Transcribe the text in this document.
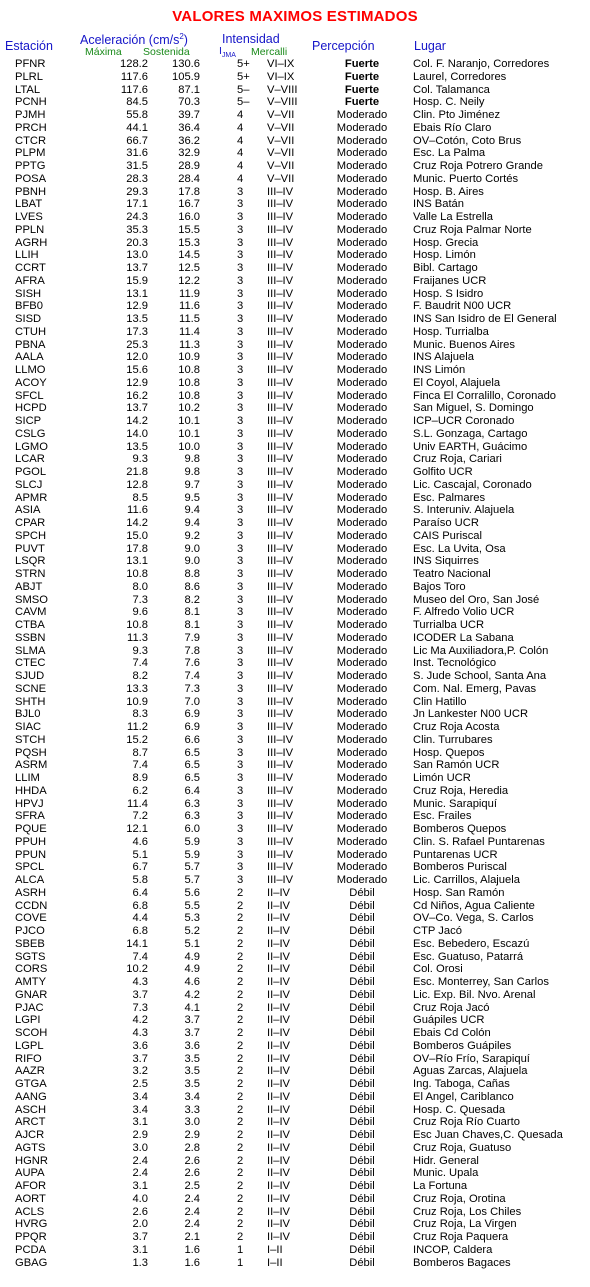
VALORES MAXIMOS ESTIMADOS
Estación Aceleración $(cm/s^2)$
Máxima Sostenida
Intensidad
$I_{JMA}$ Mercalli Percepción	Lugar
PFNR	128.2	130.6	5+	VI–IX	Fuerte	Col. F. Naranjo, Corredores
PLRL	117.6	105.9	5+	VI–IX	Fuerte	Laurel, Corredores
LTAL	117.6	87.1	5–	V–VIII	Fuerte	Col. Talamanca
PCNH	84.5	70.3	5–	V–VIII	Fuerte	Hosp. C. Neily
PJMH	55.8	39.7	4	V–VII	Moderado	Clin. Pto Jiménez
PRCH	44.1	36.4	4	V–VII	Moderado	Ebais Río Claro
CTCR	66.7	36.2	4	V–VII	Moderado	OV–Cotón, Coto Brus
PLPM	31.6	32.9	4	V–VII	Moderado	Esc. La Palma
PPTG	31.5	28.9	4	V–VII	Moderado	Cruz Roja Potrero Grande
POSA	28.3	28.4	4	V–VII	Moderado	Munic. Puerto Cortés
PBNH	29.3	17.8	3	III–IV	Moderado	Hosp. B. Aires
LBAT	17.1	16.7	3	III–IV	Moderado	INS Batán
LVES	24.3	16.0	3	III–IV	Moderado	Valle La Estrella
PPLN	35.3	15.5	3	III–IV	Moderado	Cruz Roja Palmar Norte
AGRH	20.3	15.3	3	III–IV	Moderado	Hosp. Grecia
LLIH	13.0	14.5	3	III–IV	Moderado	Hosp. Limón
CCRT	13.7	12.5	3	III–IV	Moderado	Bibl. Cartago
AFRA	15.9	12.2	3	III–IV	Moderado	Fraijanes UCR
SISH	13.1	11.9	3	III–IV	Moderado	Hosp. S Isidro
BFB0	12.9	11.6	3	III–IV	Moderado	F. Baudrit N00 UCR
SISD	13.5	11.5	3	III–IV	Moderado	INS San Isidro de El General
CTUH	17.3	11.4	3	III–IV	Moderado	Hosp. Turrialba
PBNA	25.3	11.3	3	III–IV	Moderado	Munic. Buenos Aires
AALA	12.0	10.9	3	III–IV	Moderado	INS Alajuela
LLMO	15.6	10.8	3	III–IV	Moderado	INS Limón
ACOY	12.9	10.8	3	III–IV	Moderado	El Coyol, Alajuela
SFCL	16.2	10.8	3	III–IV	Moderado	Finca El Corralillo, Coronado
HCPD	13.7	10.2	3	III–IV	Moderado	San Miguel, S. Domingo
SICP	14.2	10.1	3	III–IV	Moderado	ICP–UCR Coronado
CSLG	14.0	10.1	3	III–IV	Moderado	S.L. Gonzaga, Cartago
LGMO	13.5	10.0	3	III–IV	Moderado	Univ EARTH, Guácimo
LCAR	9.3	9.8	3	III–IV	Moderado	Cruz Roja, Cariari
PGOL	21.8	9.8	3	III–IV	Moderado	Golfito UCR
SLCJ	12.8	9.7	3	III–IV	Moderado	Lic. Cascajal, Coronado
APMR	8.5	9.5	3	III–IV	Moderado	Esc. Palmares
ASIA	11.6	9.4	3	III–IV	Moderado	S. Interuniv. Alajuela
CPAR	14.2	9.4	3	III–IV	Moderado	Paraíso UCR
SPCH	15.0	9.2	3	III–IV	Moderado	CAIS Puriscal
PUVT	17.8	9.0	3	III–IV	Moderado	Esc. La Uvita, Osa
LSQR	13.1	9.0	3	III–IV	Moderado	INS Siquirres
STRN	10.8	8.8	3	III–IV	Moderado	Teatro Nacional
ABJT	8.0	8.6	3	III–IV	Moderado	Bajos Toro
SMSO	7.3	8.2	3	III–IV	Moderado	Museo del Oro, San José
CAVM	9.6	8.1	3	III–IV	Moderado	F. Alfredo Volio UCR
CTBA	10.8	8.1	3	III–IV	Moderado	Turrialba UCR
SSBN	11.3	7.9	3	III–IV	Moderado	ICODER La Sabana
SLMA	9.3	7.8	3	III–IV	Moderado	Lic Ma Auxiliadora,P. Colón
CTEC	7.4	7.6	3	III–IV	Moderado	Inst. Tecnológico
SJUD	8.2	7.4	3	III–IV	Moderado	S. Jude School, Santa Ana
SCNE	13.3	7.3	3	III–IV	Moderado	Com. Nal. Emerg, Pavas
SHTH	10.9	7.0	3	III–IV	Moderado	Clin Hatillo
BJL0	8.3	6.9	3	III–IV	Moderado	Jn Lankester N00 UCR
SIAC	11.2	6.9	3	III–IV	Moderado	Cruz Roja Acosta
STCH	15.2	6.6	3	III–IV	Moderado	Clin. Turrubares
PQSH	8.7	6.5	3	III–IV	Moderado	Hosp. Quepos
ASRM	7.4	6.5	3	III–IV	Moderado	San Ramón UCR
LLIM	8.9	6.5	3	III–IV	Moderado	Limón UCR
HHDA	6.2	6.4	3	III–IV	Moderado	Cruz Roja, Heredia
HPVJ	11.4	6.3	3	III–IV	Moderado	Munic. Sarapiquí
SFRA	7.2	6.3	3	III–IV	Moderado	Esc. Frailes
PQUE	12.1	6.0	3	III–IV	Moderado	Bomberos Quepos
PPUH	4.6	5.9	3	III–IV	Moderado	Clin. S. Rafael Puntarenas
PPUN	5.1	5.9	3	III–IV	Moderado	Puntarenas UCR
SPCL	6.7	5.7	3	III–IV	Moderado	Bomberos Puriscal
ALCA	5.8	5.7	3	III–IV	Moderado	Lic. Carrillos, Alajuela
ASRH	6.4	5.6	2	II–IV	Débil	Hosp. San Ramón
CCDN	6.8	5.5	2	II–IV	Débil	Cd Niños, Agua Caliente
COVE	4.4	5.3	2	II–IV	Débil	OV–Co. Vega, S. Carlos
PJCO	6.8	5.2	2	II–IV	Débil	CTP Jacó
SBEB	14.1	5.1	2	II–IV	Débil	Esc. Bebedero, Escazú
SGTS	7.4	4.9	2	II–IV	Débil	Esc. Guatuso, Patarrá
CORS	10.2	4.9	2	II–IV	Débil	Col. Orosi
AMTY	4.3	4.6	2	II–IV	Débil	Esc. Monterrey, San Carlos
GNAR	3.7	4.2	2	II–IV	Débil	Lic. Exp. Bil. Nvo. Arenal
PJAC	7.3	4.1	2	II–IV	Débil	Cruz Roja Jacó
LGPI	4.2	3.7	2	II–IV	Débil	Guápiles UCR
SCOH	4.3	3.7	2	II–IV	Débil	Ebais Cd Colón
LGPL	3.6	3.6	2	II–IV	Débil	Bomberos Guápiles
RIFO	3.7	3.5	2	II–IV	Débil	OV–Río Frío, Sarapiquí
AAZR	3.2	3.5	2	II–IV	Débil	Aguas Zarcas, Alajuela
GTGA	2.5	3.5	2	II–IV	Débil	Ing. Taboga, Cañas
AANG	3.4	3.4	2	II–IV	Débil	El Angel, Cariblanco
ASCH	3.4	3.3	2	II–IV	Débil	Hosp. C. Quesada
ARCT	3.1	3.0	2	II–IV	Débil	Cruz Roja Río Cuarto
AJCR	2.9	2.9	2	II–IV	Débil	Esc Juan Chaves,C. Quesada
AGTS	3.0	2.8	2	II–IV	Débil	Cruz Roja, Guatuso
HGNR	2.4	2.6	2	II–IV	Débil	Hidr. General
AUPA	2.4	2.6	2	II–IV	Débil	Munic. Upala
AFOR	3.1	2.5	2	II–IV	Débil	La Fortuna
AORT	4.0	2.4	2	II–IV	Débil	Cruz Roja, Orotina
ACLS	2.6	2.4	2	II–IV	Débil	Cruz Roja, Los Chiles
HVRG	2.0	2.4	2	II–IV	Débil	Cruz Roja, La Virgen
PPQR	3.7	2.1	2	II–IV	Débil	Cruz Roja Paquera
PCDA	3.1	1.6	1	I–II	Débil	INCOP, Caldera
GBAG	1.3	1.6	1	I–II	Débil	Bomberos Bagaces
